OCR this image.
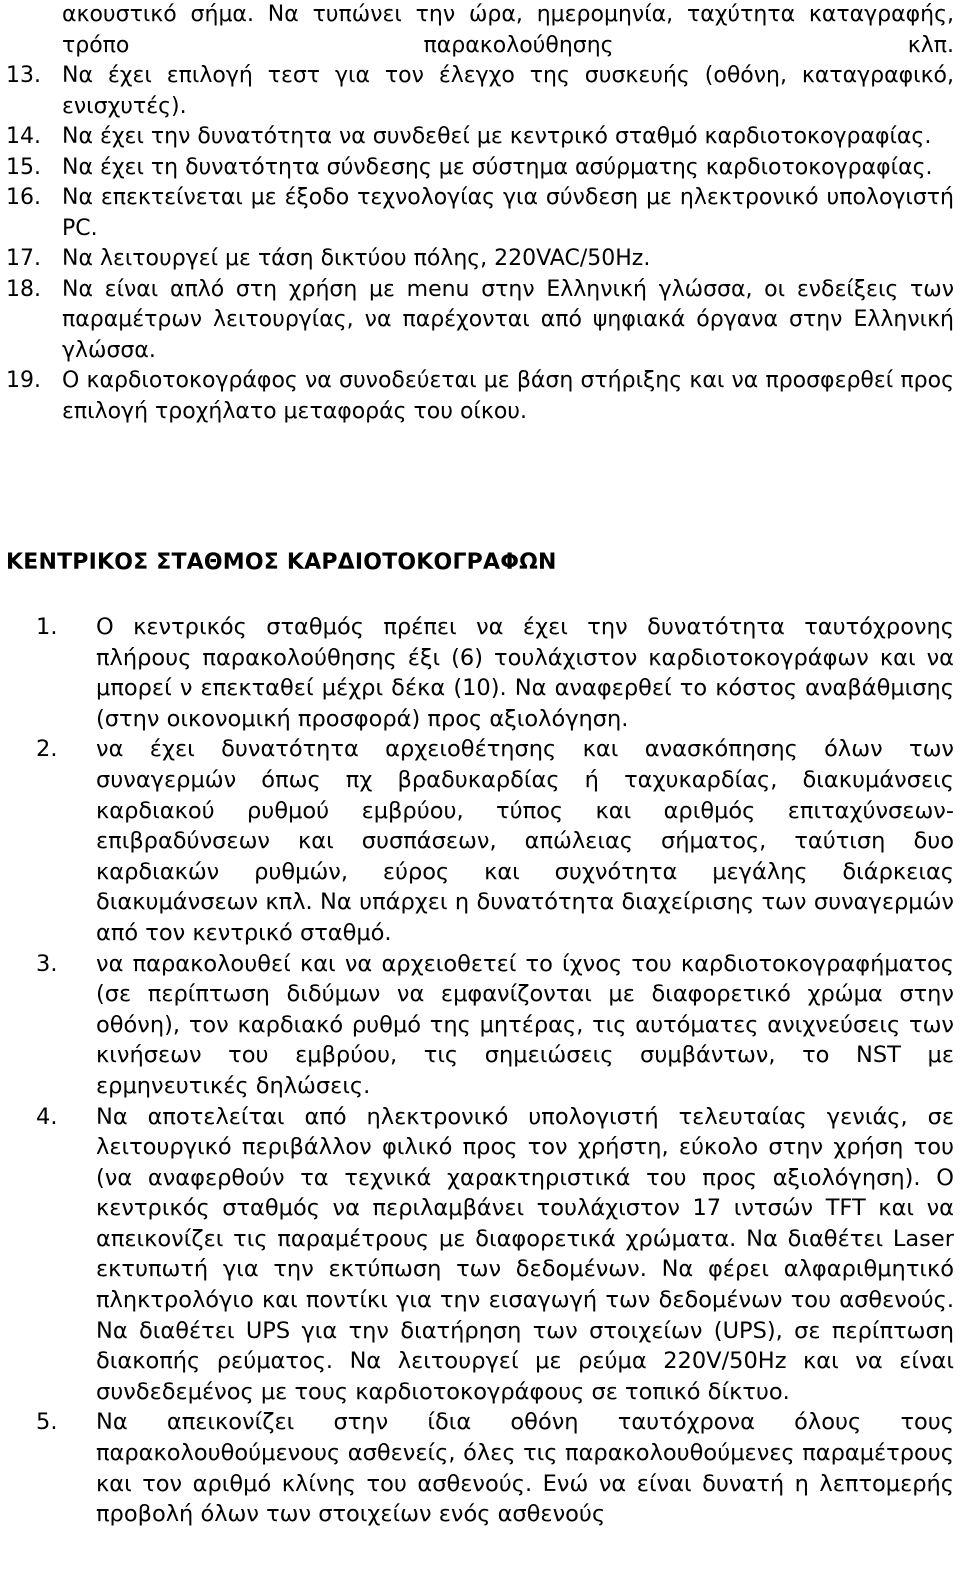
ακουστικό σήμα. Να τυπώνει την ώρα, ημερομηνία, ταχύτητα καταγραφής, τρόπο παρακολούθησης κλπ.
13. Να έχει επιλογή τεστ για τον έλεγχο της συσκευής (οθόνη, καταγραφικό, ενισχυτές).
14. Να έχει την δυνατότητα να συνδεθεί με κεντρικό σταθμό καρδιοτοκογραφίας.
15. Να έχει τη δυνατότητα σύνδεσης με σύστημα ασύρματης καρδιοτοκογραφίας.
16. Να επεκτείνεται με έξοδο τεχνολογίας για σύνδεση με ηλεκτρονικό υπολογιστή PC.
17. Να λειτουργεί με τάση δικτύου πόλης, 220VAC/50Hz.
18. Να είναι απλό στη χρήση με menu στην Ελληνική γλώσσα, οι ενδείξεις των παραμέτρων λειτουργίας, να παρέχονται από ψηφιακά όργανα στην Ελληνική γλώσσα.
19. Ο καρδιοτοκογράφος να συνοδεύεται με βάση στήριξης και να προσφερθεί προς επιλογή τροχήλατο μεταφοράς του οίκου.
ΚΕΝΤΡΙΚΟΣ ΣΤΑΘΜΟΣ ΚΑΡΔΙΟΤΟΚΟΓΡΑΦΩΝ
1.	Ο κεντρικός σταθμός πρέπει να έχει την δυνατότητα ταυτόχρονης πλήρους παρακολούθησης έξι (6) τουλάχιστον καρδιοτοκογράφων και να μπορεί ν επεκταθεί μέχρι δέκα (10). Να αναφερθεί το κόστος αναβάθμισης (στην οικονομική προσφορά) προς αξιολόγηση.
2.	να έχει δυνατότητα αρχειοθέτησης και ανασκόπησης όλων των συναγερμών όπως πχ βραδυκαρδίας ή ταχυκαρδίας, διακυμάνσεις καρδιακού ρυθμού εμβρύου, τύπος και αριθμός επιταχύνσεων-επιβραδύνσεων και συσπάσεων, απώλειας σήματος, ταύτιση δυο καρδιακών ρυθμών, εύρος και συχνότητα μεγάλης διάρκειας διακυμάνσεων κπλ. Να υπάρχει η δυνατότητα διαχείρισης των συναγερμών από τον κεντρικό σταθμό.
3.	να παρακολουθεί και να αρχειοθετεί το ίχνος του καρδιοτοκογραφήματος (σε περίπτωση διδύμων να εμφανίζονται με διαφορετικό χρώμα στην οθόνη), τον καρδιακό ρυθμό της μητέρας, τις αυτόματες ανιχνεύσεις των κινήσεων του εμβρύου, τις σημειώσεις συμβάντων, το NST με ερμηνευτικές δηλώσεις.
4.	Να αποτελείται από ηλεκτρονικό υπολογιστή τελευταίας γενιάς, σε λειτουργικό περιβάλλον φιλικό προς τον χρήστη, εύκολο στην χρήση του (να αναφερθούν τα τεχνικά χαρακτηριστικά του προς αξιολόγηση). Ο κεντρικός σταθμός να περιλαμβάνει τουλάχιστον 17 ιντσών TFT και να απεικονίζει τις παραμέτρους με διαφορετικά χρώματα. Να διαθέτει Laser εκτυπωτή για την εκτύπωση των δεδομένων. Να φέρει αλφαριθμητικό πληκτρολόγιο και ποντίκι για την εισαγωγή των δεδομένων του ασθενούς. Να διαθέτει UPS για την διατήρηση των στοιχείων (UPS), σε περίπτωση διακοπής ρεύματος. Να λειτουργεί με ρεύμα 220V/50Hz και να είναι συνδεδεμένος με τους καρδιοτοκογράφους σε τοπικό δίκτυο.
5.	Να απεικονίζει στην ίδια οθόνη ταυτόχρονα όλους τους παρακολουθούμενους ασθενείς, όλες τις παρακολουθούμενες παραμέτρους και τον αριθμό κλίνης του ασθενούς. Ενώ να είναι δυνατή η λεπτομερής προβολή όλων των στοιχείων ενός ασθενούς
